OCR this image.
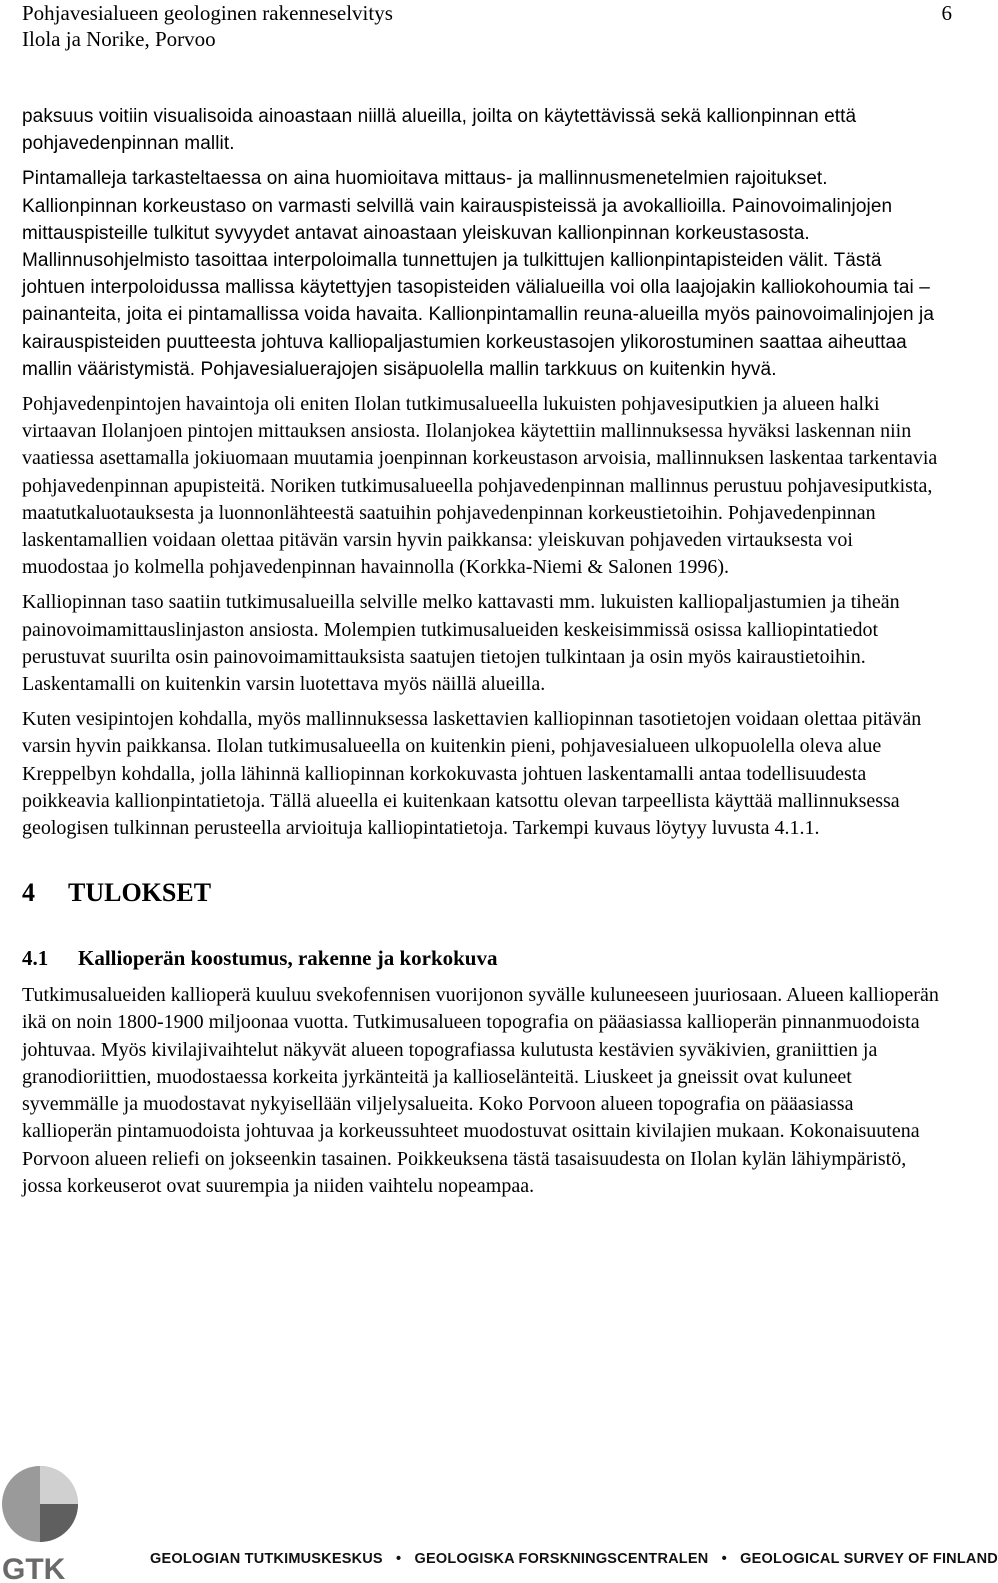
Pohjavesialueen geologinen rakenneselvitys
Ilola ja Norike, Porvoo
6

paksuus voitiin visualisoida ainoastaan niillä alueilla, joilta on käytettävissä sekä kallionpinnan että pohjavedenpinnan mallit.

Pintamalleja tarkasteltaessa on aina huomioitava mittaus- ja mallinnusmenetelmien rajoitukset. Kallionpinnan korkeustaso on varmasti selvillä vain kairauspisteissä ja avokallioilla. Painovoimalinjojen mittauspisteille tulkitut syvyydet antavat ainoastaan yleiskuvan kallionpinnan korkeustasosta. Mallinnusohjelmisto tasoittaa interpoloimalla tunnettujen ja tulkittujen kallionpintapisteiden välit. Tästä johtuen interpoloidussa mallissa käytettyjen tasopisteiden välialueilla voi olla laajojakin kalliokohoumia tai –painanteita, joita ei pintamallissa voida havaita. Kallionpintamallin reuna-alueilla myös painovoimalinjojen ja kairauspisteiden puutteesta johtuva kalliopaljastumien korkeustasojen ylikorostuminen saattaa aiheuttaa mallin vääristymistä. Pohjavesialuerajojen sisäpuolella mallin tarkkuus on kuitenkin hyvä.

Pohjavedenpintojen havaintoja oli eniten Ilolan tutkimusalueella lukuisten pohjavesiputkien ja alueen halki virtaavan Ilolanjoen pintojen mittauksen ansiosta. Ilolanjokea käytettiin mallinnuksessa hyväksi laskennan niin vaatiessa asettamalla jokiuomaan muutamia joenpinnan korkeustason arvoisia, mallinnuksen laskentaa tarkentavia pohjavedenpinnan apupisteitä. Noriken tutkimusalueella pohjavedenpinnan mallinnus perustuu pohjavesiputkista, maatutkaluotauksesta ja luonnonlähteestä saatuihin pohjavedenpinnan korkeustietoihin. Pohjavedenpinnan laskentamallien voidaan olettaa pitävän varsin hyvin paikkansa: yleiskuvan pohjaveden virtauksesta voi muodostaa jo kolmella pohjavedenpinnan havainnolla (Korkka-Niemi & Salonen 1996).

Kalliopinnan taso saatiin tutkimusalueilla selville melko kattavasti mm. lukuisten kalliopaljastumien ja tiheän painovoimamittauslinjaston ansiosta. Molempien tutkimusalueiden keskeisimmissä osissa kalliopintatiedot perustuvat suurilta osin painovoimamittauksista saatujen tietojen tulkintaan ja osin myös kairaustietoihin. Laskentamalli on kuitenkin varsin luotettava myös näillä alueilla.

Kuten vesipintojen kohdalla, myös mallinnuksessa laskettavien kalliopinnan tasotietojen voidaan olettaa pitävän varsin hyvin paikkansa. Ilolan tutkimusalueella on kuitenkin pieni, pohjavesialueen ulkopuolella oleva alue Kreppelbyn kohdalla, jolla lähinnä kalliopinnan korkokuvasta johtuen laskentamalli antaa todellisuudesta poikkeavia kallionpintatietoja. Tällä alueella ei kuitenkaan katsottu olevan tarpeellista käyttää mallinnuksessa geologisen tulkinnan perusteella arvioituja kalliopintatietoja. Tarkempi kuvaus löytyy luvusta 4.1.1.

4	TULOKSET
4.1	Kallioperän koostumus, rakenne ja korkokuva

Tutkimusalueiden kallioperä kuuluu svekofennisen vuorijonon syvälle kuluneeseen juuriosaan. Alueen kallioperän ikä on noin 1800-1900 miljoonaa vuotta. Tutkimusalueen topografia on pääasiassa kallioperän pinnanmuodoista johtuvaa. Myös kivilajivaihtelut näkyvät alueen topografiassa kulutusta kestävien syväkivien, graniittien ja granodioriittien, muodostaessa korkeita jyrkänteitä ja kallioselänteitä. Liuskeet ja gneissit ovat kuluneet syvemmälle ja muodostavat nykyisellään viljelysalueita. Koko Porvoon alueen topografia on pääasiassa kallioperän pintamuodoista johtuvaa ja korkeussuhteet muodostuvat osittain kivilajien mukaan. Kokonaisuutena Porvoon alueen reliefi on jokseenkin tasainen. Poikkeuksena tästä tasaisuudesta on Ilolan kylän lähiympäristö, jossa korkeuserot ovat suurempia ja niiden vaihtelu nopeampaa.

GTK	GEOLOGIAN TUTKIMUSKESKUS • GEOLOGISKA FORSKNINGSCENTRALEN • GEOLOGICAL SURVEY OF FINLAND
